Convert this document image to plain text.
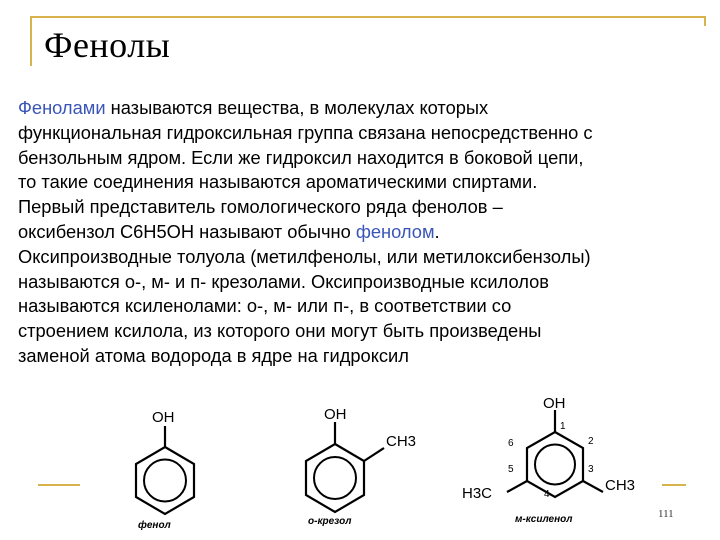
Фенолы
Фенолами называются вещества, в молекулах которых
функциональная гидроксильная группа связана непосредственно с
бензольным ядром. Если же гидроксил находится в боковой цепи,
то такие соединения называются ароматическими спиртами.
Первый представитель гомологического ряда фенолов –
оксибензол С6Н5ОН называют обычно фенолом.
Оксипроизводные толуола (метилфенолы, или метилоксибензолы)
называются о-, м- и п- крезолами. Оксипроизводные ксилолов
называются ксиленолами: о-, м- или п-, в соответствии со
строением ксилола, из которого они могут быть произведены
заменой атома водорода в ядре на гидроксил
OH	OH
CH3
OH
CH3
H3C
1
2
3
4
5
6
фенол	о-крезол	м-ксиленол	111
